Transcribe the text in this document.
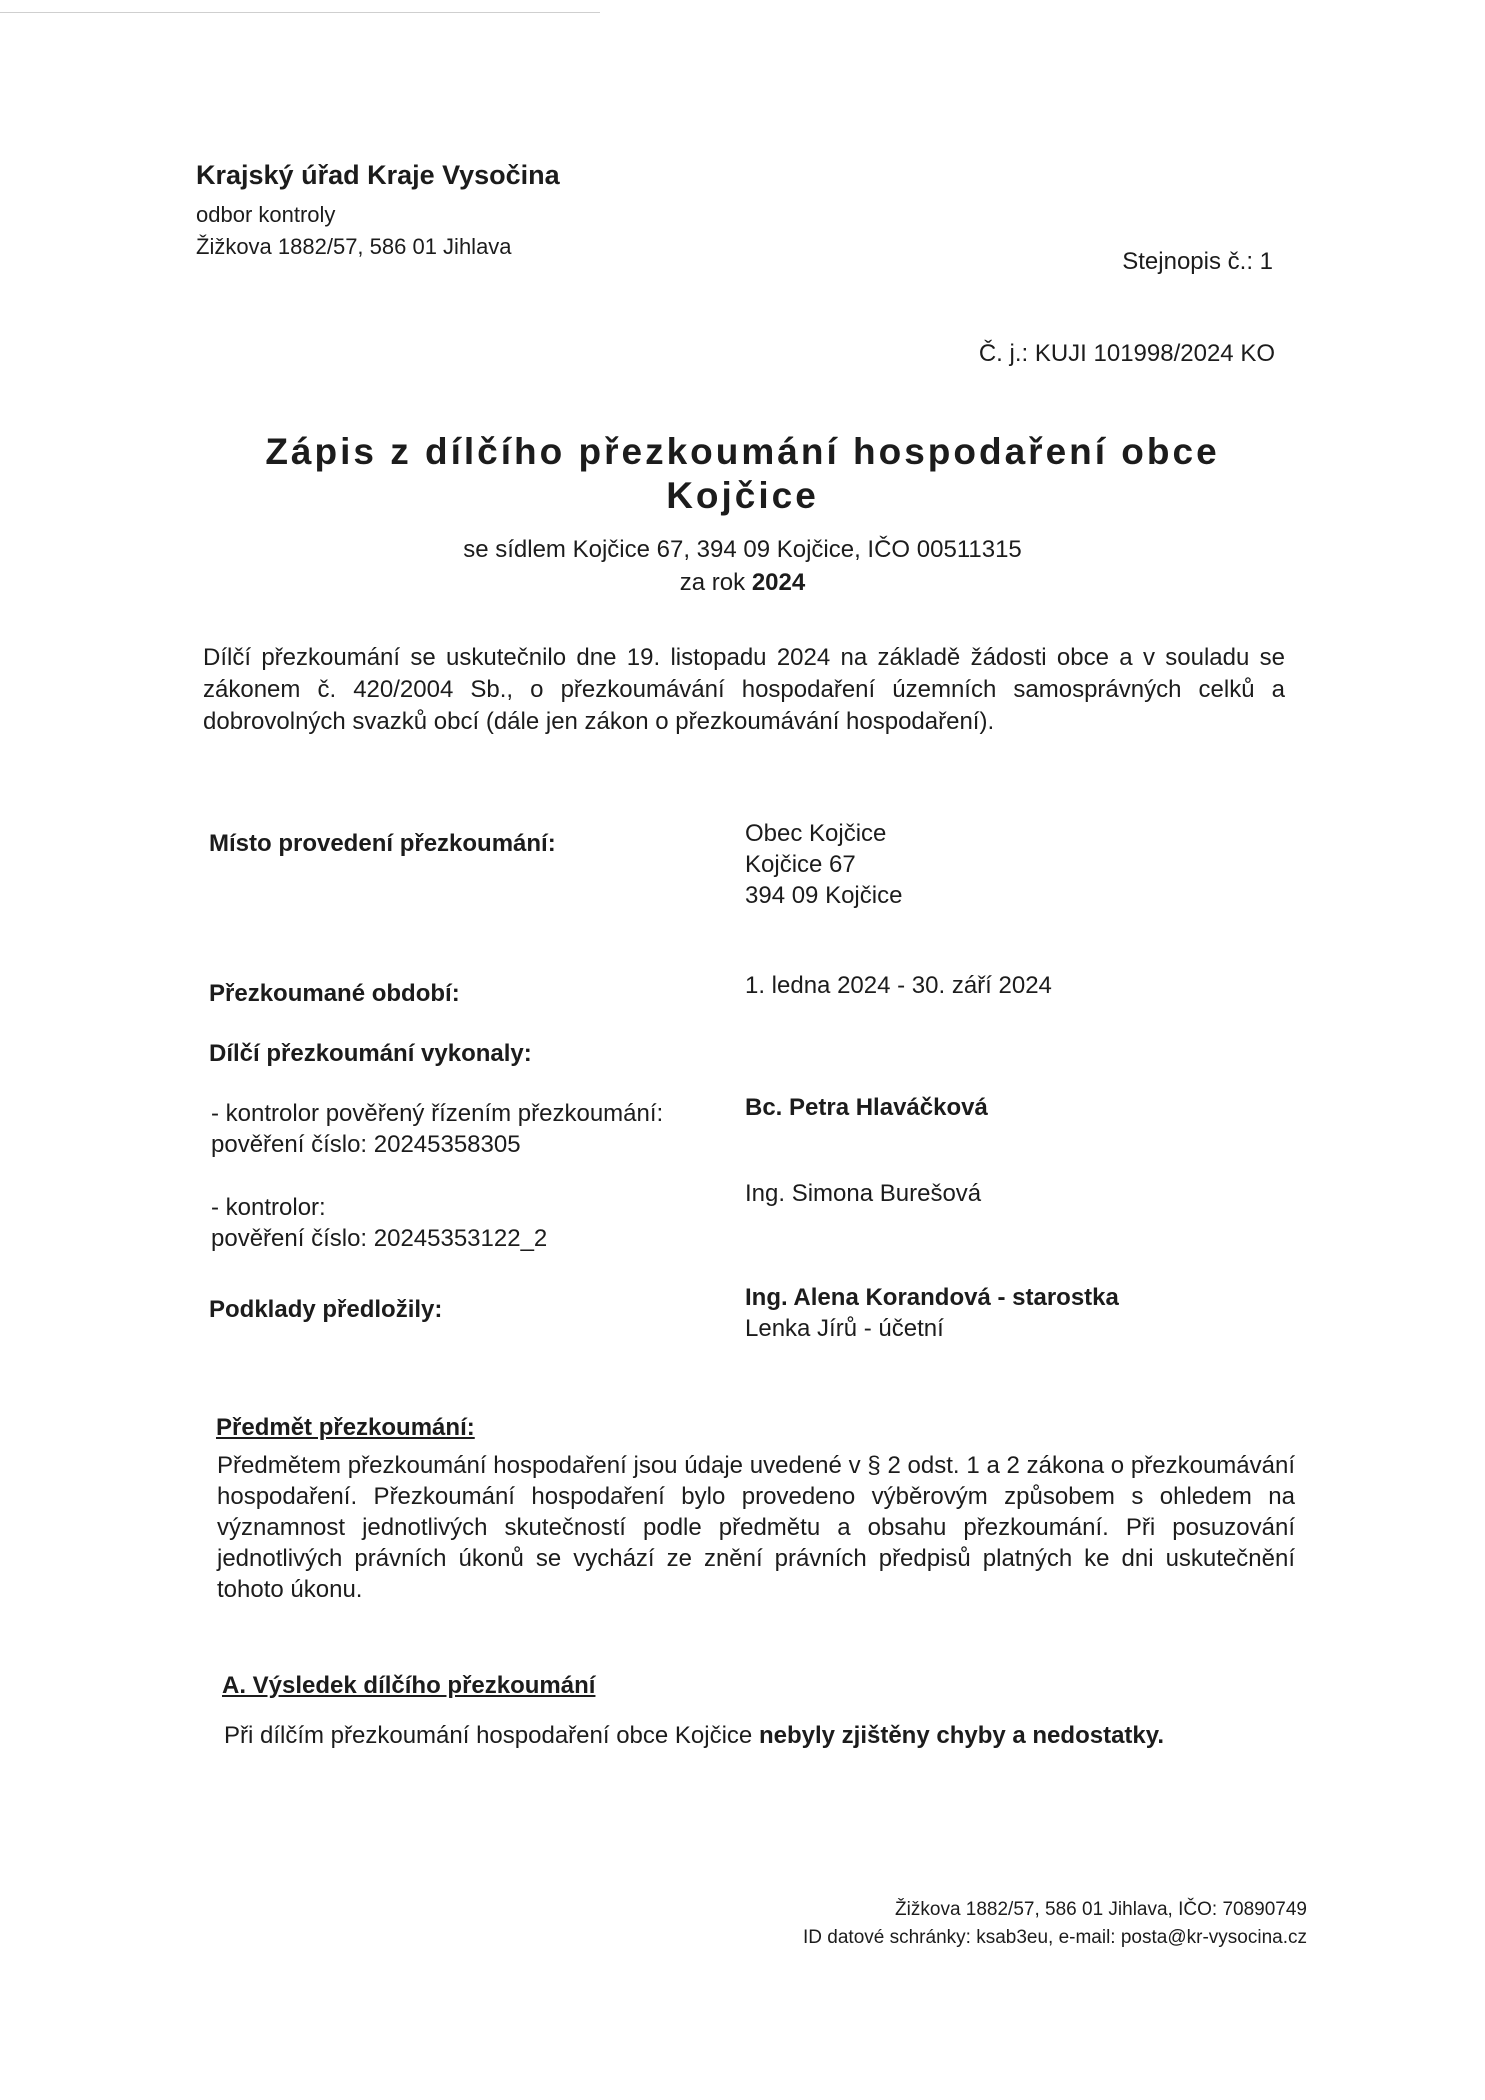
Krajský úřad Kraje Vysočina

odbor kontroly

Žižkova 1882/57, 586 01 Jihlava

Stejnopis č.: 1

Č. j.: KUJI 101998/2024 KO

Zápis z dílčího přezkoumání hospodaření obce
Kojčice
se sídlem Kojčice 67, 394 09 Kojčice, IČO 00511315
za rok 2024

Dílčí přezkoumání se uskutečnilo dne 19. listopadu 2024 na základě žádosti obce a v souladu se zákonem č. 420/2004 Sb., o přezkoumávání hospodaření územních samosprávných celků a dobrovolných svazků obcí (dále jen zákon o přezkoumávání hospodaření).

Místo provedení přezkoumání:	Obec Kojčice
Kojčice 67
394 09 Kojčice

Přezkoumané období:	1. ledna 2024 - 30. září 2024

Dílčí přezkoumání vykonaly:

- kontrolor pověřený řízením přezkoumání:
pověření číslo: 20245358305

Bc. Petra Hlaváčková

- kontrolor:
pověření číslo: 20245353122_2

Ing. Simona Burešová

Podklady předložily:	Ing. Alena Korandová - starostka
Lenka Jírů - účetní

Předmět přezkoumání:

Předmětem přezkoumání hospodaření jsou údaje uvedené v § 2 odst. 1 a 2 zákona o přezkoumávání hospodaření. Přezkoumání hospodaření bylo provedeno výběrovým způsobem s ohledem na významnost jednotlivých skutečností podle předmětu a obsahu přezkoumání. Při posuzování jednotlivých právních úkonů se vychází ze znění právních předpisů platných ke dni uskutečnění tohoto úkonu.

A. Výsledek dílčího přezkoumání

Při dílčím přezkoumání hospodaření obce Kojčice nebyly zjištěny chyby a nedostatky.

Žižkova 1882/57, 586 01 Jihlava, IČO: 70890749
ID datové schránky: ksab3eu, e-mail: posta@kr-vysocina.cz
